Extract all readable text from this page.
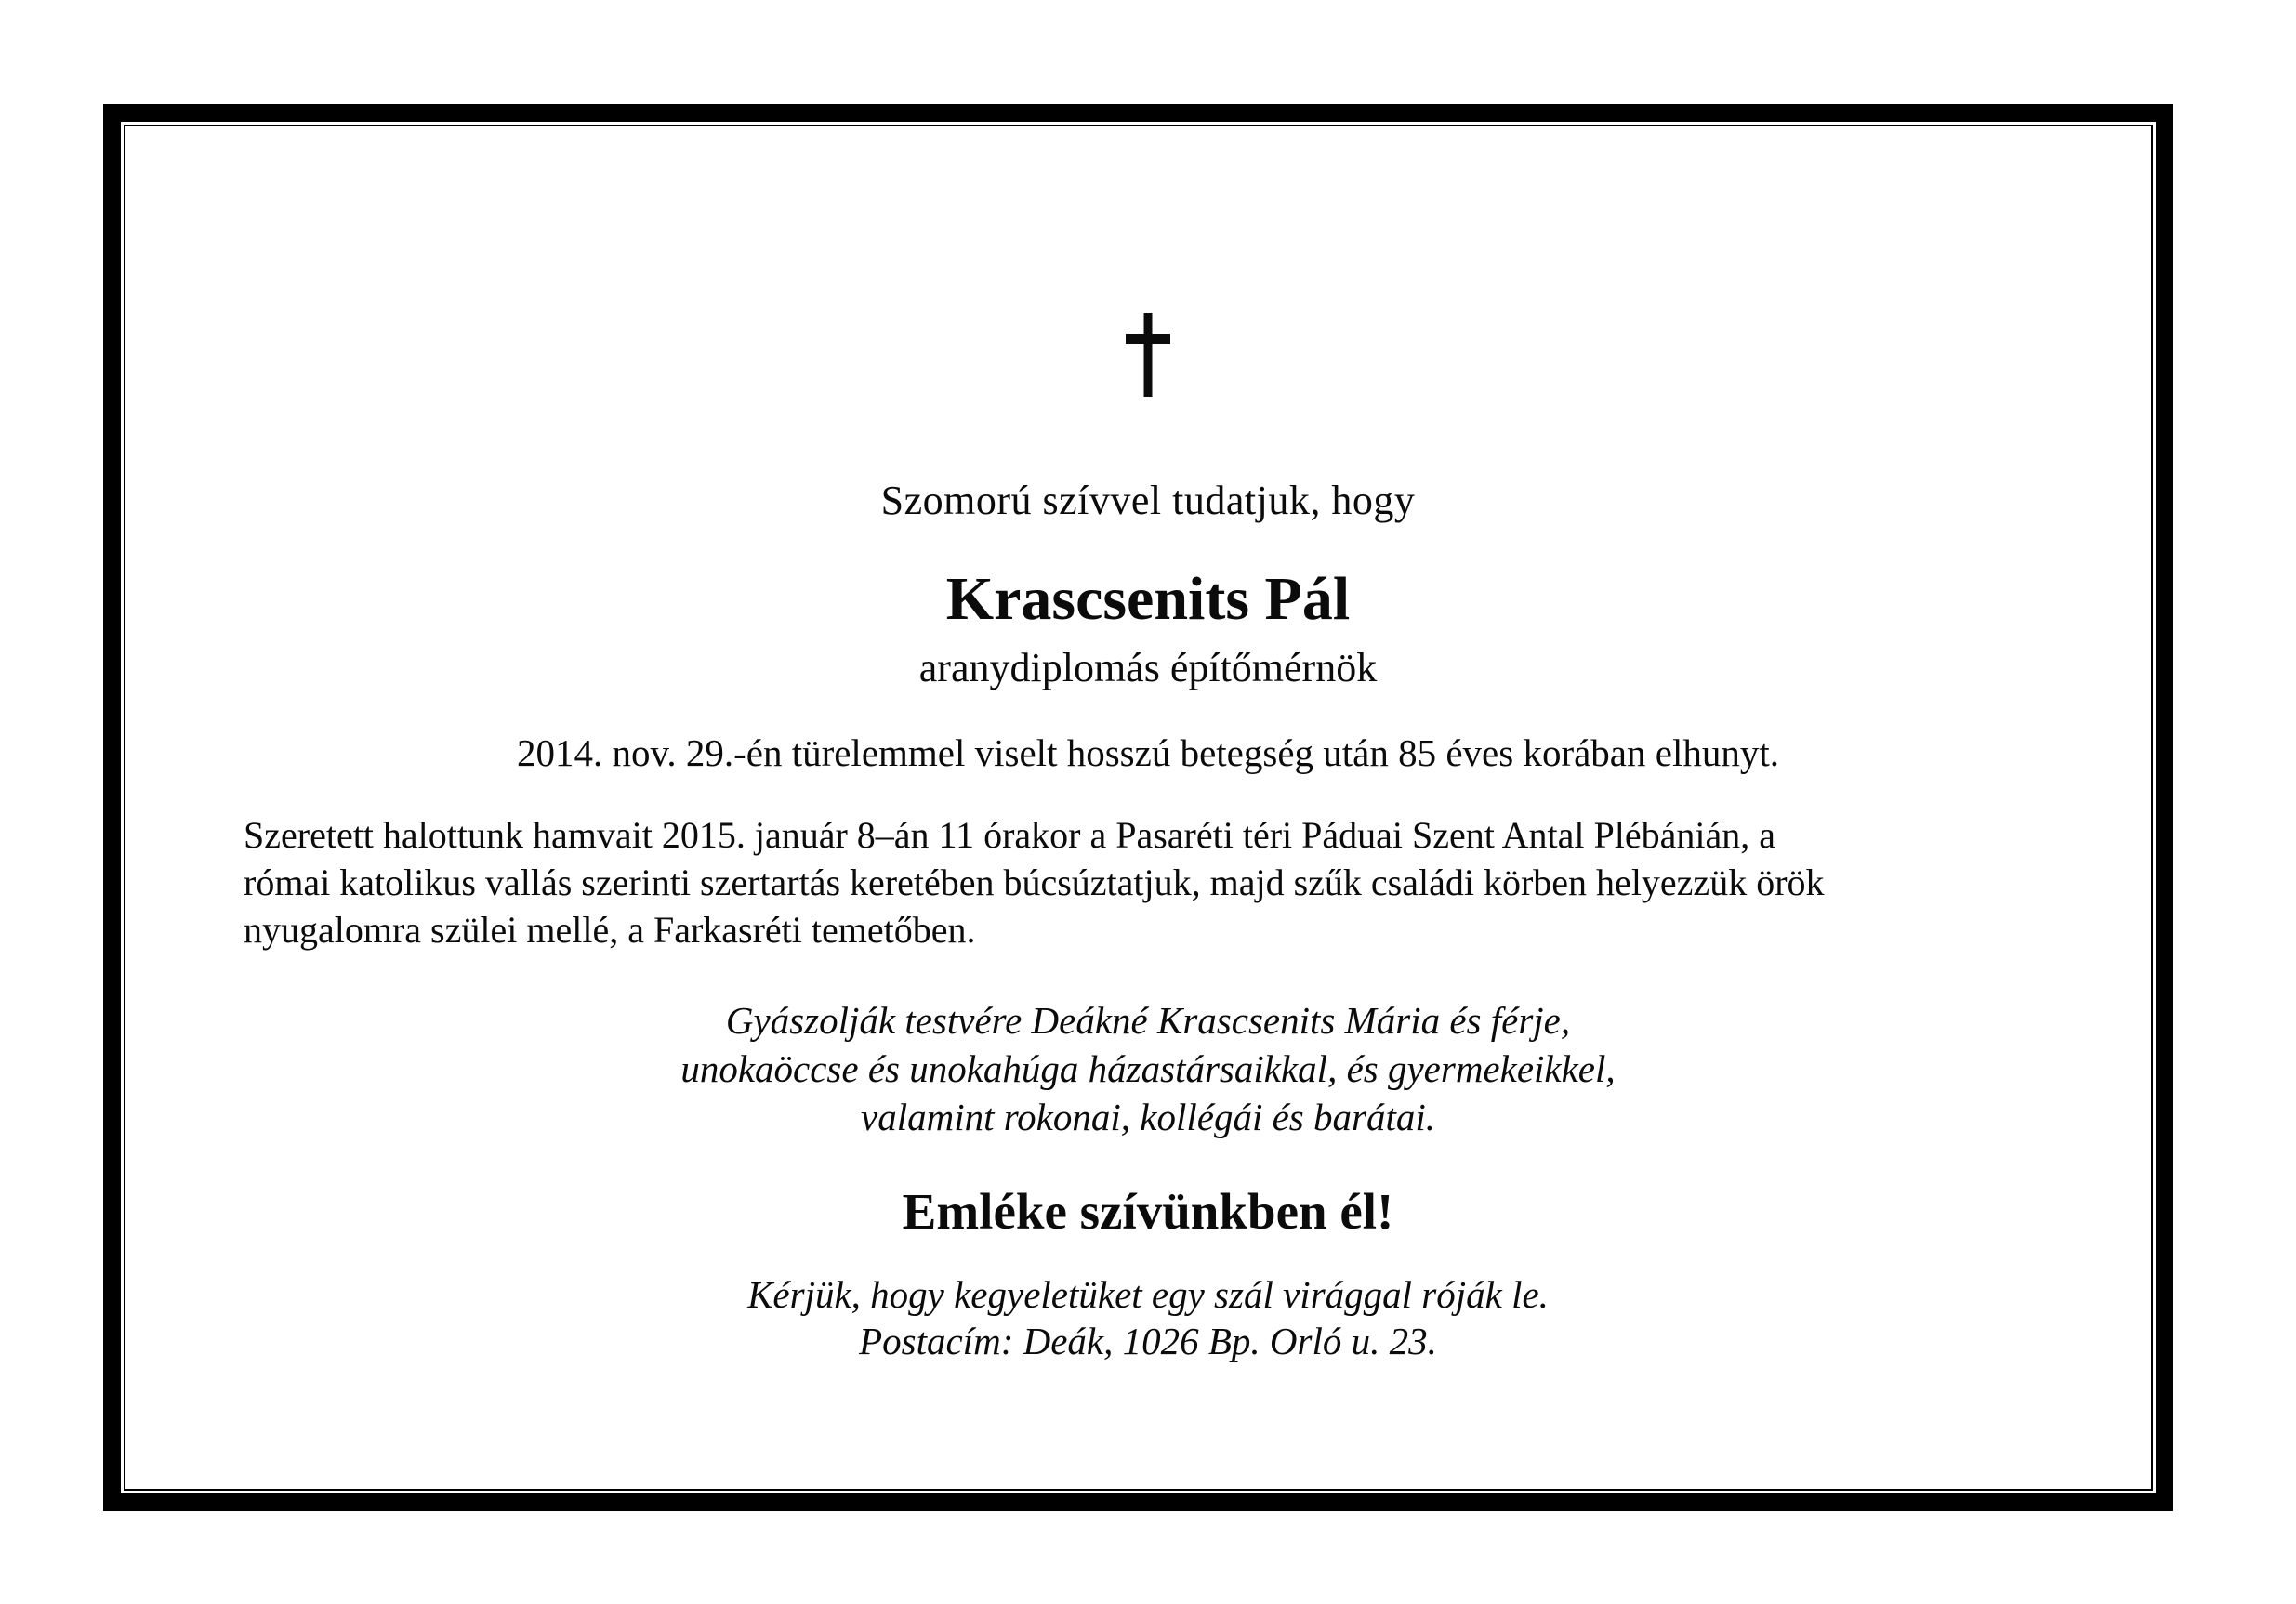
Szomorú szívvel tudatjuk, hogy
Krascsenits Pál
aranydiplomás építőmérnök
2014. nov. 29.-én türelemmel viselt hosszú betegség után 85 éves korában elhunyt.
Szeretett halottunk hamvait 2015. január 8–án 11 órakor a Pasaréti téri Páduai Szent Antal Plébánián, a
római katolikus vallás szerinti szertartás keretében búcsúztatjuk, majd szűk családi körben helyezzük örök
nyugalomra szülei mellé, a Farkasréti temetőben.
Gyászolják testvére Deákné Krascsenits Mária és férje,
unokaöccse és unokahúga házastársaikkal, és gyermekeikkel,
valamint rokonai, kollégái és barátai.
Emléke szívünkben él!
Kérjük, hogy kegyeletüket egy szál virággal róják le.
Postacím: Deák, 1026 Bp. Orló u. 23.
